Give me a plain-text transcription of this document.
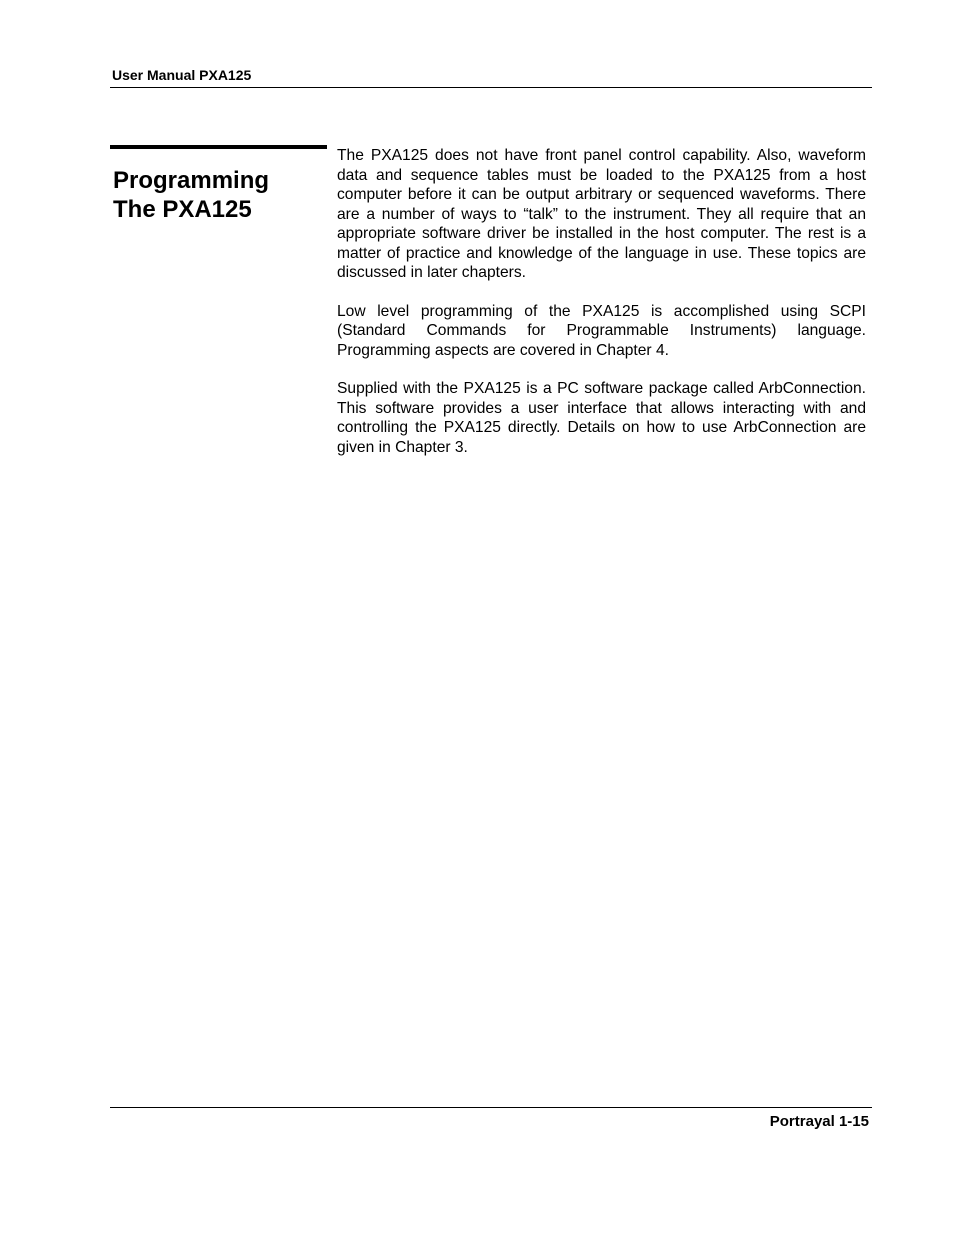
User Manual PXA125
Programming
The PXA125

The PXA125 does not have front panel control capability. Also, waveform data and sequence tables must be loaded to the PXA125 from a host computer before it can be output arbitrary or sequenced waveforms. There are a number of ways to “talk” to the instrument. They all require that an appropriate software driver be installed in the host computer. The rest is a matter of practice and knowledge of the language in use. These topics are discussed in later chapters.

Low level programming of the PXA125 is accomplished using SCPI (Standard Commands for Programmable Instruments) language. Programming aspects are covered in Chapter 4.

Supplied with the PXA125 is a PC software package called ArbConnection. This software provides a user interface that allows interacting with and controlling the PXA125 directly. Details on how to use ArbConnection are given in Chapter 3.

Portrayal 1-15
